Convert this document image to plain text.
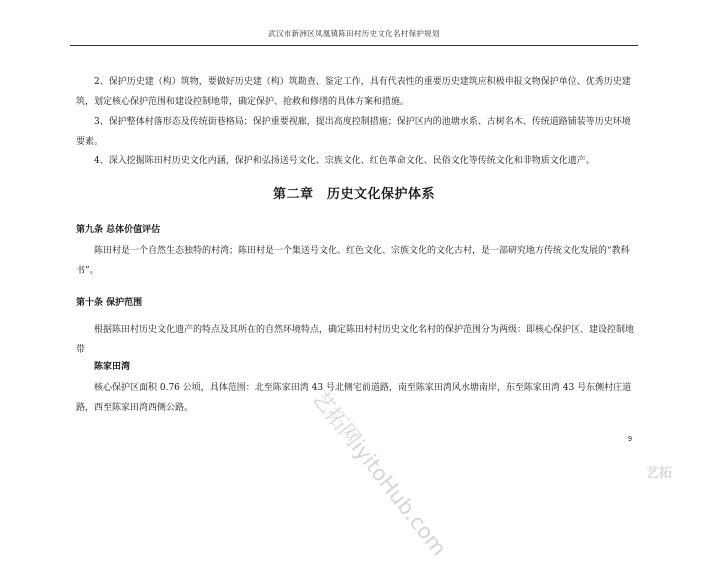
武汉市新洲区凤凰镇陈田村历史文化名村保护规划
2、保护历史建（构）筑物，要做好历史建（构）筑勘查、鉴定工作，具有代表性的重要历史建筑应积极申报文物保护单位、优秀历史建筑，划定核心保护范围和建设控制地带，确定保护、抢救和修缮的具体方案和措施。
3、保护整体村落形态及传统街巷格局；保护重要视廊，提出高度控制措施；保护区内的池塘水系、古树名木、传统道路铺装等历史环境要素。
4、深入挖掘陈田村历史文化内涵，保护和弘扬送号文化、宗族文化、红色革命文化、民俗文化等传统文化和非物质文化遗产。
第二章　历史文化保护体系
第九条 总体价值评估
陈田村是一个自然生态独特的村湾；陈田村是一个集送号文化、红色文化、宗族文化的文化古村，是一部研究地方传统文化发展的“教科书”。
第十条 保护范围
根据陈田村历史文化遗产的特点及其所在的自然环境特点，确定陈田村村历史文化名村的保护范围分为两级：即核心保护区、建设控制地带
陈家田湾
核心保护区面积 0.76 公顷，具体范围：北至陈家田湾 43 号北侧宅前道路，南至陈家田湾风水塘南岸，东至陈家田湾 43 号东侧村庄道路，西至陈家田湾西侧公路。
9
艺拓网iyitoHub.com	艺拓
